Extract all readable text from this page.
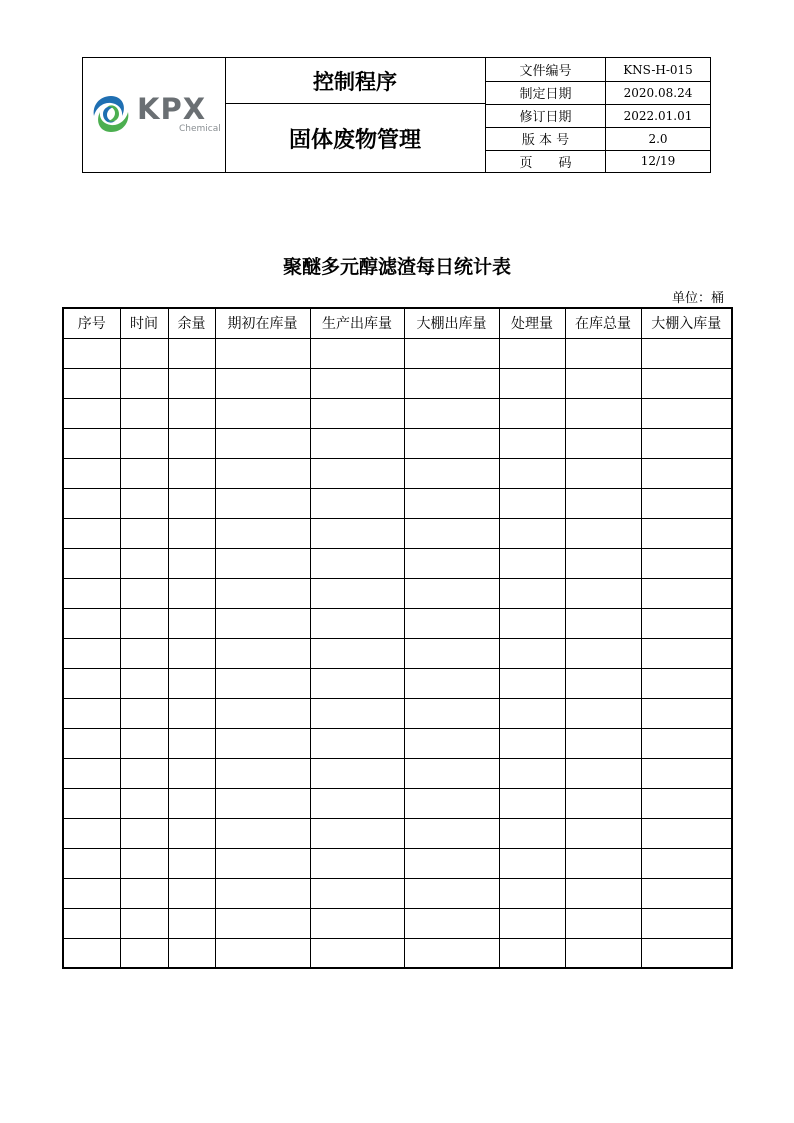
KPX
Chemical
控制程序
固体废物管理
文件编号	KNS-H-015
制定日期	2020.08.24
修订日期	2022.01.01
版 本 号	2.0
页　　码	12/19
聚醚多元醇滤渣每日统计表
单位：桶
序号	时间	余量	期初在库量	生产出库量	大棚出库量	处理量	在库总量	大棚入库量
